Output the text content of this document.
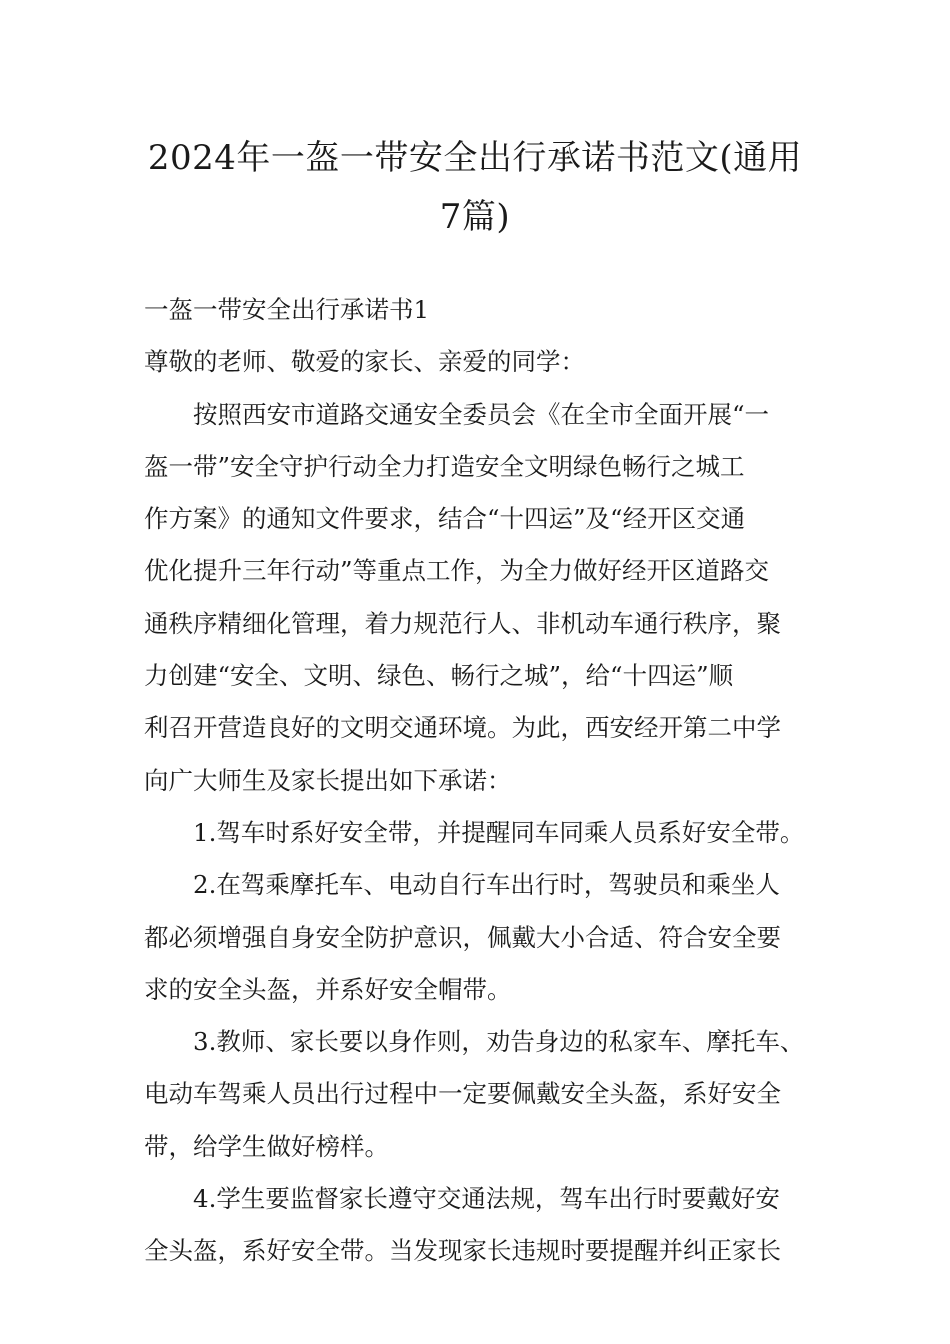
2024年一盔一带安全出行承诺书范文(通用
7篇)
一盔一带安全出行承诺书1
尊敬的老师、敬爱的家长、亲爱的同学：
按照西安市道路交通安全委员会《在全市全面开展“一
盔一带”安全守护行动全力打造安全文明绿色畅行之城工
作方案》的通知文件要求，结合“十四运”及“经开区交通
优化提升三年行动”等重点工作，为全力做好经开区道路交
通秩序精细化管理，着力规范行人、非机动车通行秩序，聚
力创建“安全、文明、绿色、畅行之城”，给“十四运”顺
利召开营造良好的文明交通环境。为此，西安经开第二中学
向广大师生及家长提出如下承诺：
1.驾车时系好安全带，并提醒同车同乘人员系好安全带。
2.在驾乘摩托车、电动自行车出行时，驾驶员和乘坐人
都必须增强自身安全防护意识，佩戴大小合适、符合安全要
求的安全头盔，并系好安全帽带。
3.教师、家长要以身作则，劝告身边的私家车、摩托车、
电动车驾乘人员出行过程中一定要佩戴安全头盔，系好安全
带，给学生做好榜样。
4.学生要监督家长遵守交通法规，驾车出行时要戴好安
全头盔，系好安全带。当发现家长违规时要提醒并纠正家长
